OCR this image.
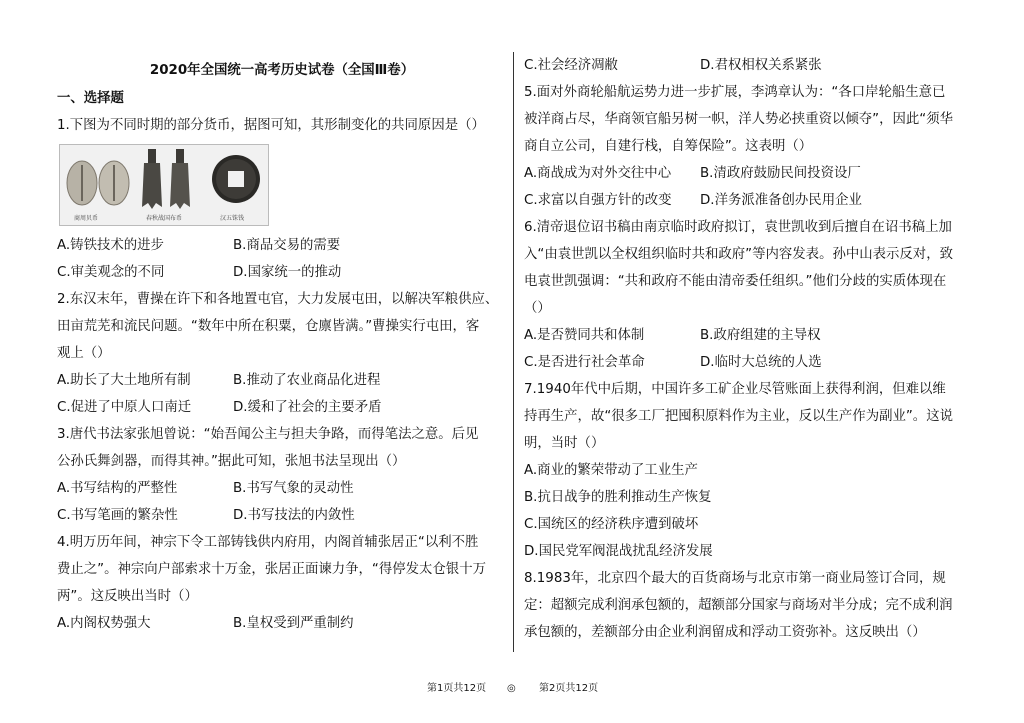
2020年全国统一高考历史试卷（全国Ⅲ卷）
一、选择题
1.下图为不同时期的部分货币，据图可知，其形制变化的共同原因是（）
商周贝币	春秋战国布币	汉五铢钱
A.铸铁技术的进步	B.商品交易的需要
C.审美观念的不同	D.国家统一的推动
2.东汉末年，曹操在许下和各地置屯官，大力发展屯田，以解决军粮供应、
田亩荒芜和流民问题。“数年中所在积粟，仓廪皆满。”曹操实行屯田，客
观上（）
A.助长了大土地所有制	B.推动了农业商品化进程
C.促进了中原人口南迁	D.缓和了社会的主要矛盾
3.唐代书法家张旭曾说：“始吾闻公主与担夫争路，而得笔法之意。后见
公孙氏舞剑器，而得其神。”据此可知，张旭书法呈现出（）
A.书写结构的严整性	B.书写气象的灵动性
C.书写笔画的繁杂性	D.书写技法的内敛性
4.明万历年间，神宗下令工部铸钱供内府用，内阁首辅张居正“以利不胜
费止之”。神宗向户部索求十万金，张居正面谏力争，“得停发太仓银十万
两”。这反映出当时（）
A.内阁权势强大	B.皇权受到严重制约
C.社会经济凋敝	D.君权相权关系紧张
5.面对外商轮船航运势力进一步扩展，李鸿章认为：“各口岸轮船生意已
被洋商占尽，华商领官船另树一帜，洋人势必挟重资以倾夺”，因此“须华
商自立公司，自建行栈，自筹保险”。这表明（）
A.商战成为对外交往中心	B.清政府鼓励民间投资设厂
C.求富以自强方针的改变	D.洋务派准备创办民用企业
6.清帝退位诏书稿由南京临时政府拟订，袁世凯收到后擅自在诏书稿上加
入“由袁世凯以全权组织临时共和政府”等内容发表。孙中山表示反对，致
电袁世凯强调：“共和政府不能由清帝委任组织。”他们分歧的实质体现在
（）
A.是否赞同共和体制	B.政府组建的主导权
C.是否进行社会革命	D.临时大总统的人选
7.1940年代中后期，中国许多工矿企业尽管账面上获得利润，但难以维
持再生产，故“很多工厂把囤积原料作为主业，反以生产作为副业”。这说
明，当时（）
A.商业的繁荣带动了工业生产
B.抗日战争的胜利推动生产恢复
C.国统区的经济秩序遭到破坏
D.国民党军阀混战扰乱经济发展
8.1983年，北京四个最大的百货商场与北京市第一商业局签订合同，规
定：超额完成利润承包额的，超额部分国家与商场对半分成；完不成利润
承包额的，差额部分由企业利润留成和浮动工资弥补。这反映出（）
第1页共12页 ◎ 第2页共12页
